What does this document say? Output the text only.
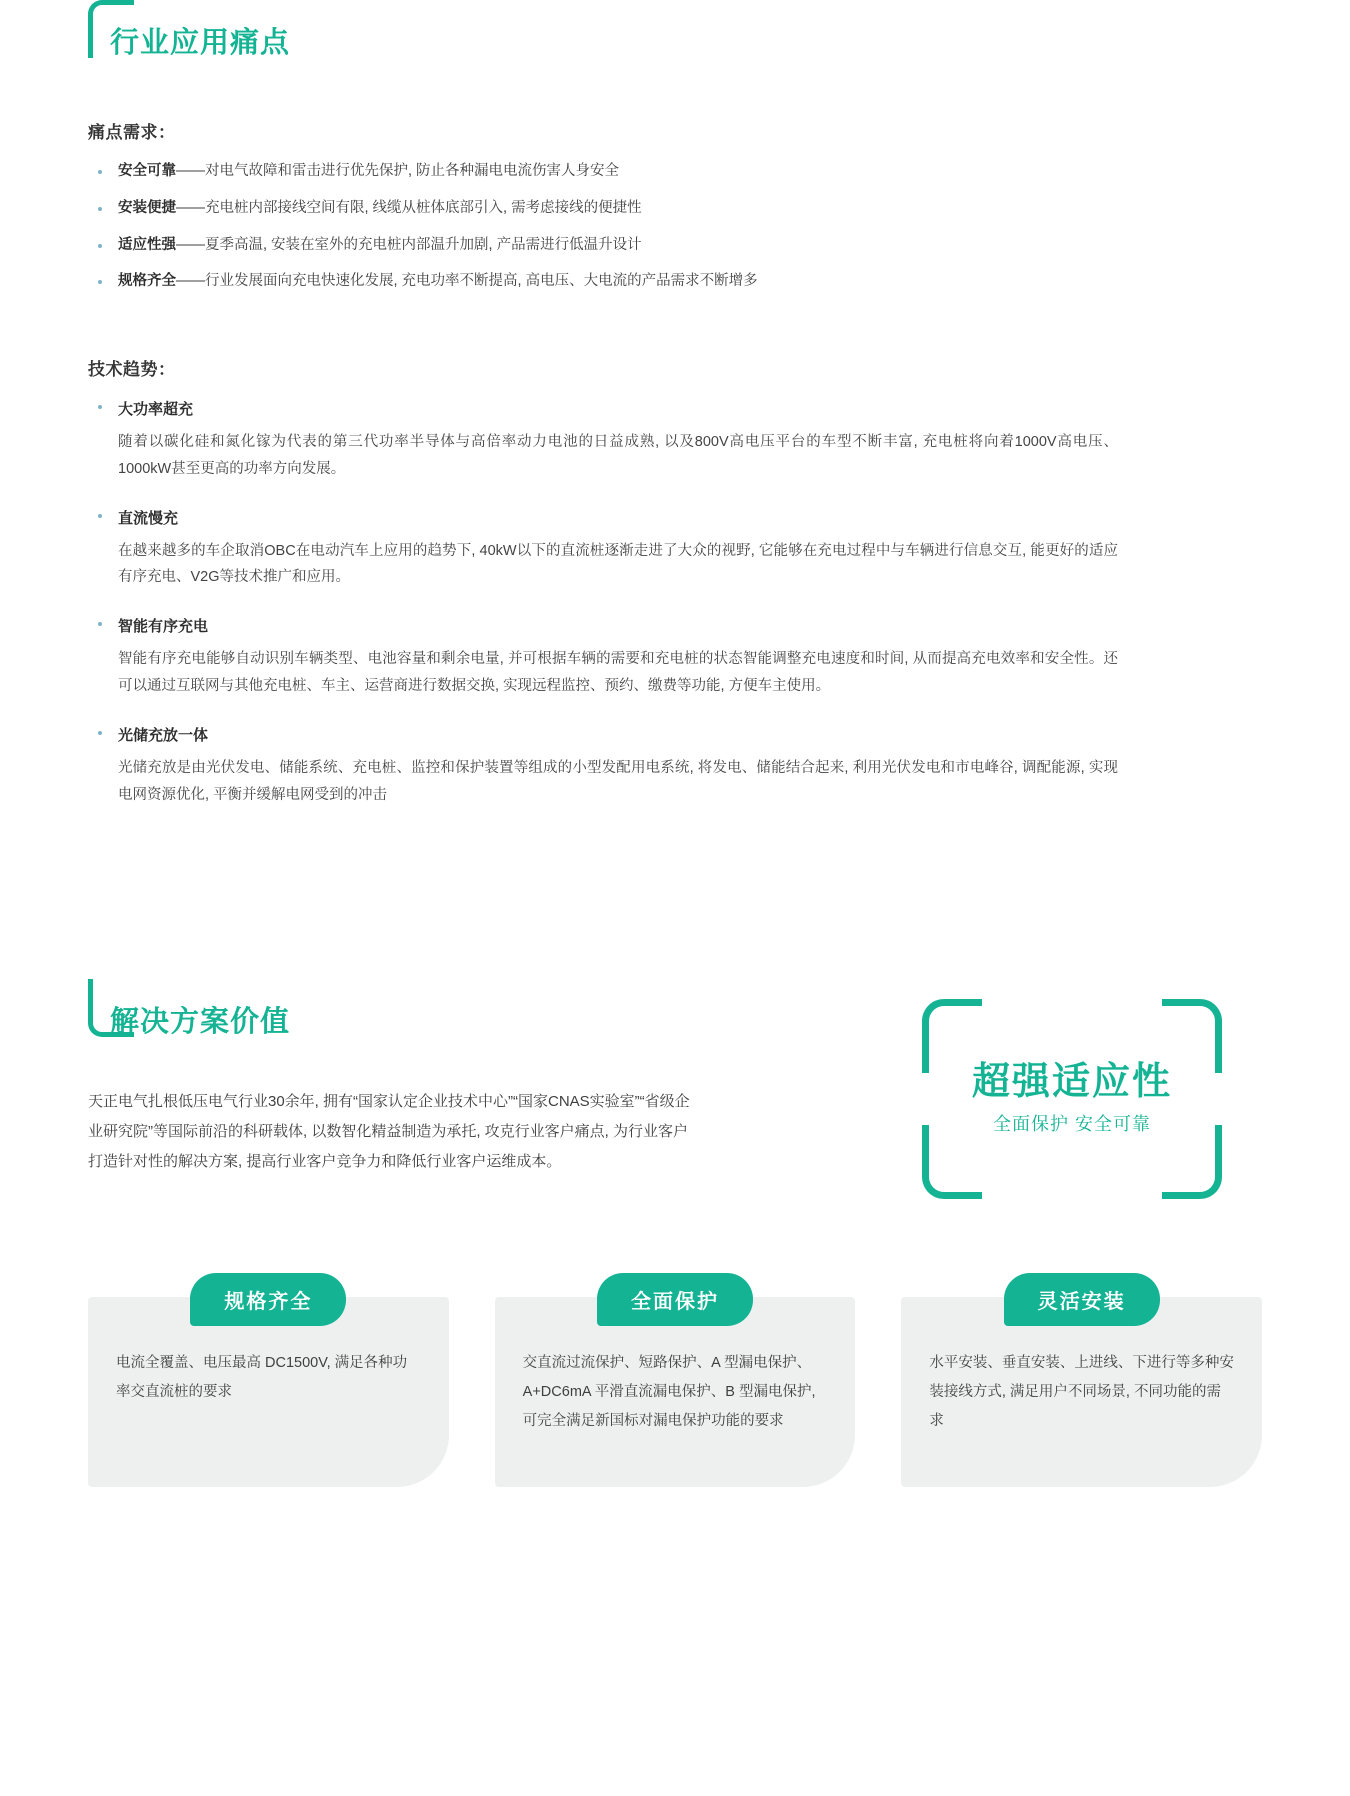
行业应用痛点
痛点需求：
安全可靠——对电气故障和雷击进行优先保护, 防止各种漏电电流伤害人身安全
安装便捷——充电桩内部接线空间有限, 线缆从桩体底部引入, 需考虑接线的便捷性
适应性强——夏季高温, 安装在室外的充电桩内部温升加剧, 产品需进行低温升设计
规格齐全——行业发展面向充电快速化发展, 充电功率不断提高, 高电压、大电流的产品需求不断增多
技术趋势：
大功率超充
随着以碳化硅和氮化镓为代表的第三代功率半导体与高倍率动力电池的日益成熟, 以及800V高电压平台的车型不断丰富, 充电桩将向着1000V高电压、1000kW甚至更高的功率方向发展。
直流慢充
在越来越多的车企取消OBC在电动汽车上应用的趋势下, 40kW以下的直流桩逐渐走进了大众的视野, 它能够在充电过程中与车辆进行信息交互, 能更好的适应有序充电、V2G等技术推广和应用。
智能有序充电
智能有序充电能够自动识别车辆类型、电池容量和剩余电量, 并可根据车辆的需要和充电桩的状态智能调整充电速度和时间, 从而提高充电效率和安全性。还可以通过互联网与其他充电桩、车主、运营商进行数据交换, 实现远程监控、预约、缴费等功能, 方便车主使用。
光储充放一体
光储充放是由光伏发电、储能系统、充电桩、监控和保护装置等组成的小型发配用电系统, 将发电、储能结合起来, 利用光伏发电和市电峰谷, 调配能源, 实现电网资源优化, 平衡并缓解电网受到的冲击
解决方案价值
天正电气扎根低压电气行业30余年, 拥有“国家认定企业技术中心”“国家CNAS实验室”“省级企业研究院”等国际前沿的科研载体, 以数智化精益制造为承托, 攻克行业客户痛点, 为行业客户打造针对性的解决方案, 提高行业客户竞争力和降低行业客户运维成本。
超强适应性
全面保护 安全可靠
规格齐全
电流全覆盖、电压最高 DC1500V, 满足各种功率交直流桩的要求
全面保护
交直流过流保护、短路保护、A 型漏电保护、A+DC6mA 平滑直流漏电保护、B 型漏电保护, 可完全满足新国标对漏电保护功能的要求
灵活安装
水平安装、垂直安装、上进线、下进行等多种安装接线方式, 满足用户不同场景, 不同功能的需求
